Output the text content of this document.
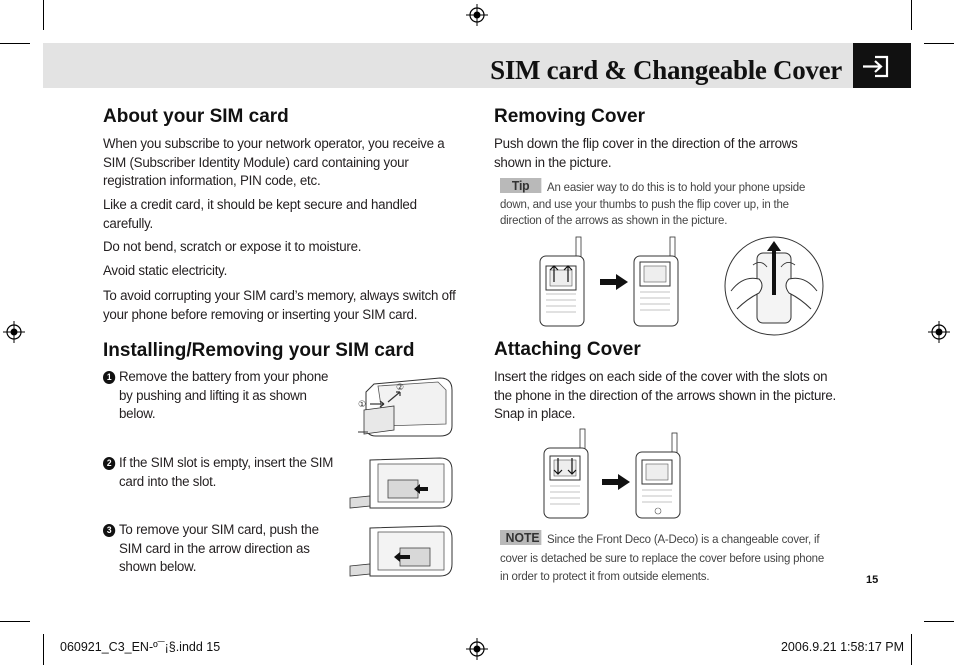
SIM card & Changeable Cover
About your SIM card
When you subscribe to your network operator, you receive a SIM (Subscriber Identity Module) card containing your registration information, PIN code, etc.
Like a credit card, it should be kept secure and handled carefully.
Do not bend, scratch or expose it to moisture.
Avoid static electricity.
To avoid corrupting your SIM card’s memory, always switch off your phone before removing or inserting your SIM card.
Installing/Removing your SIM card
1 Remove the battery from your phone by pushing and lifting it as shown below.
2 If the SIM slot is empty, insert the SIM card into the slot.
3 To remove your SIM card, push the SIM card in the arrow direction as shown below.
②
①
Removing Cover
Push down the flip cover in the direction of the arrows shown in the picture.
Tip An easier way to do this is to hold your phone upside down, and use your thumbs to push the flip cover up, in the direction of the arrows as shown in the picture.
Attaching Cover
Insert the ridges on each side of the cover with the slots on the phone in the direction of the arrows shown in the picture. Snap in place.
NOTE Since the Front Deco (A-Deco) is a changeable cover, if cover is detached be sure to replace the cover before using phone in order to protect it from outside elements.	15
060921_C3_EN-º¯¡§.indd 15	2006.9.21 1:58:17 PM
